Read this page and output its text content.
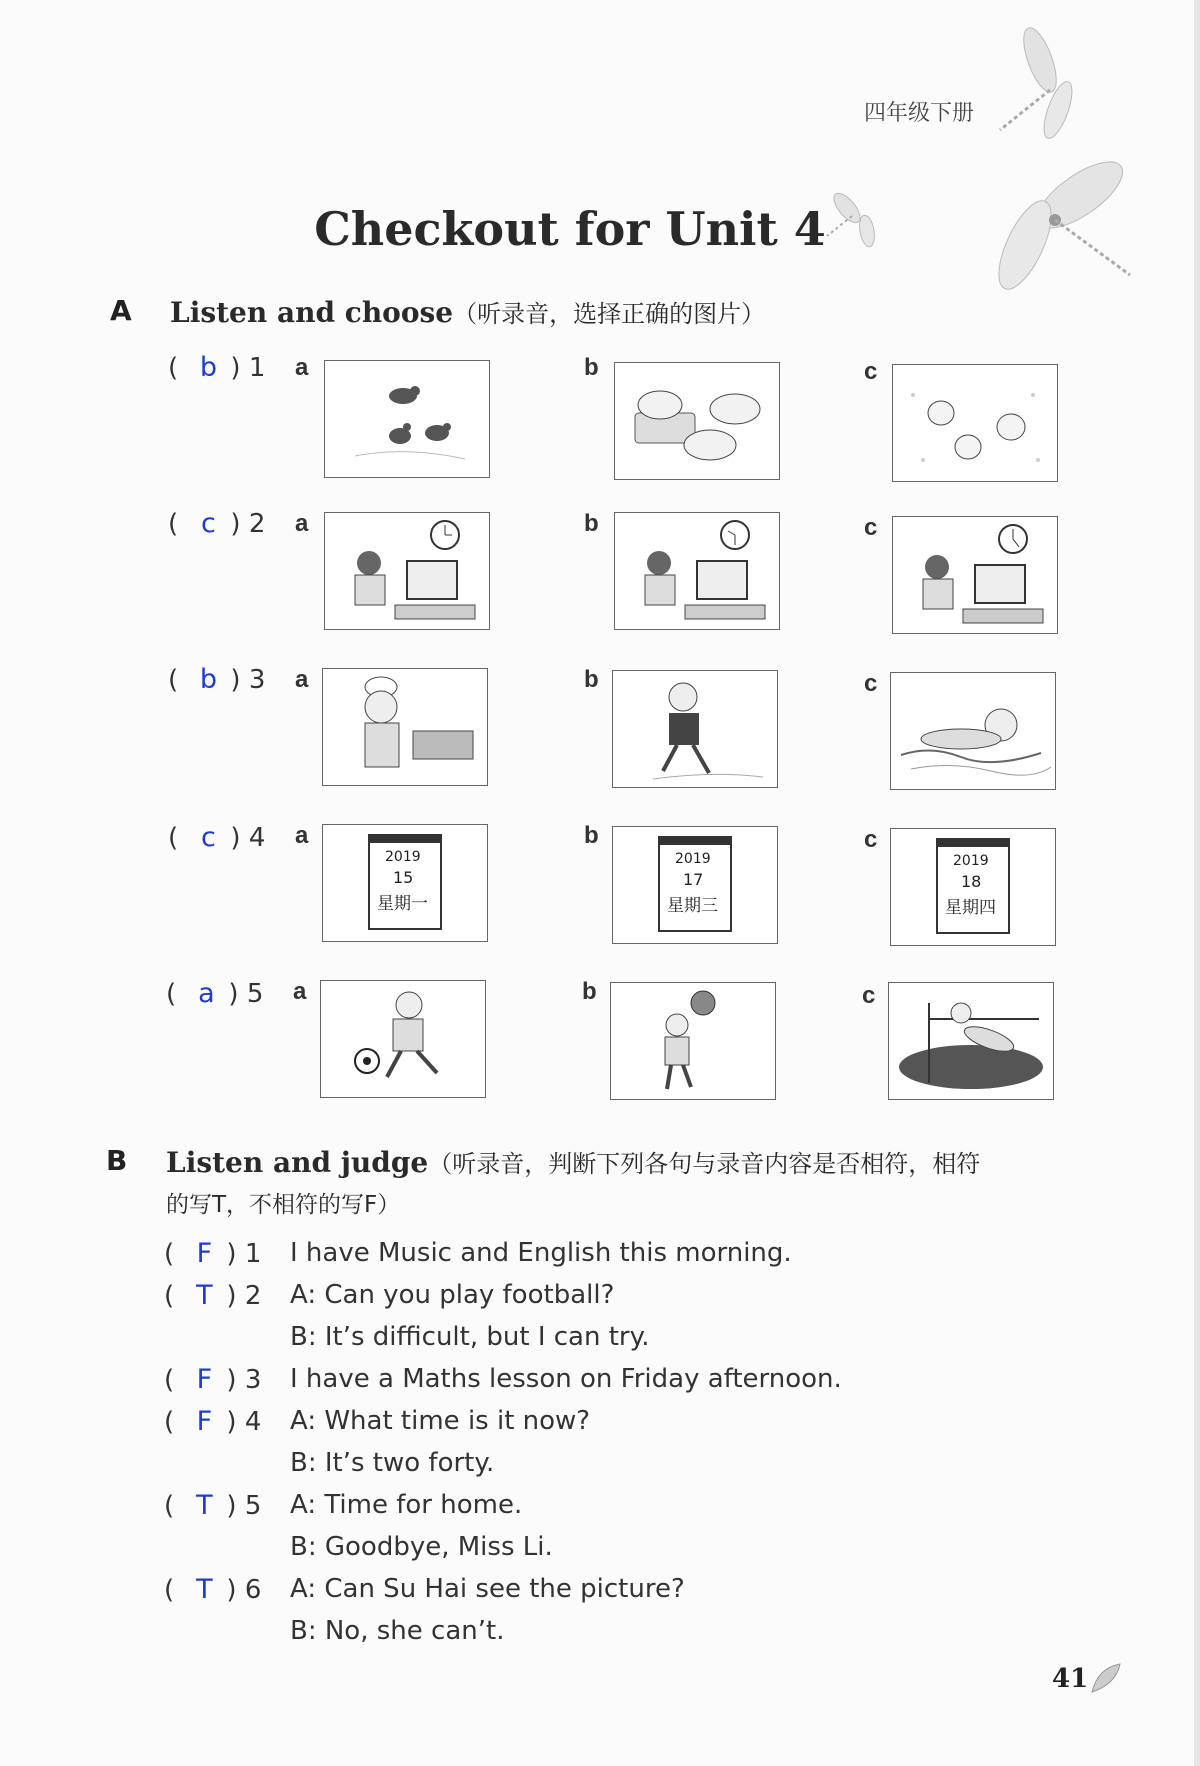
四年级下册
Checkout for Unit 4
A Listen and choose（听录音，选择正确的图片）
( b ) 1 a	b	c
( c ) 2 a	b	c
( b ) 3 a	b	c
( c ) 4 a	b	c
2019
15
星期一
2019
17
星期三
2019
18
星期四
( a ) 5 a	b	c
B Listen and judge（听录音，判断下列各句与录音内容是否相符，相符
的写T，不相符的写F）
( F ) 1	I have Music and English this morning.
( T ) 2	A: Can you play football?
B: It’s difficult, but I can try.
( F ) 3	I have a Maths lesson on Friday afternoon.
( F ) 4	A: What time is it now?
B: It’s two forty.
( T ) 5	A: Time for home.
B: Goodbye, Miss Li.
( T ) 6	A: Can Su Hai see the picture?
B: No, she can’t.
41
